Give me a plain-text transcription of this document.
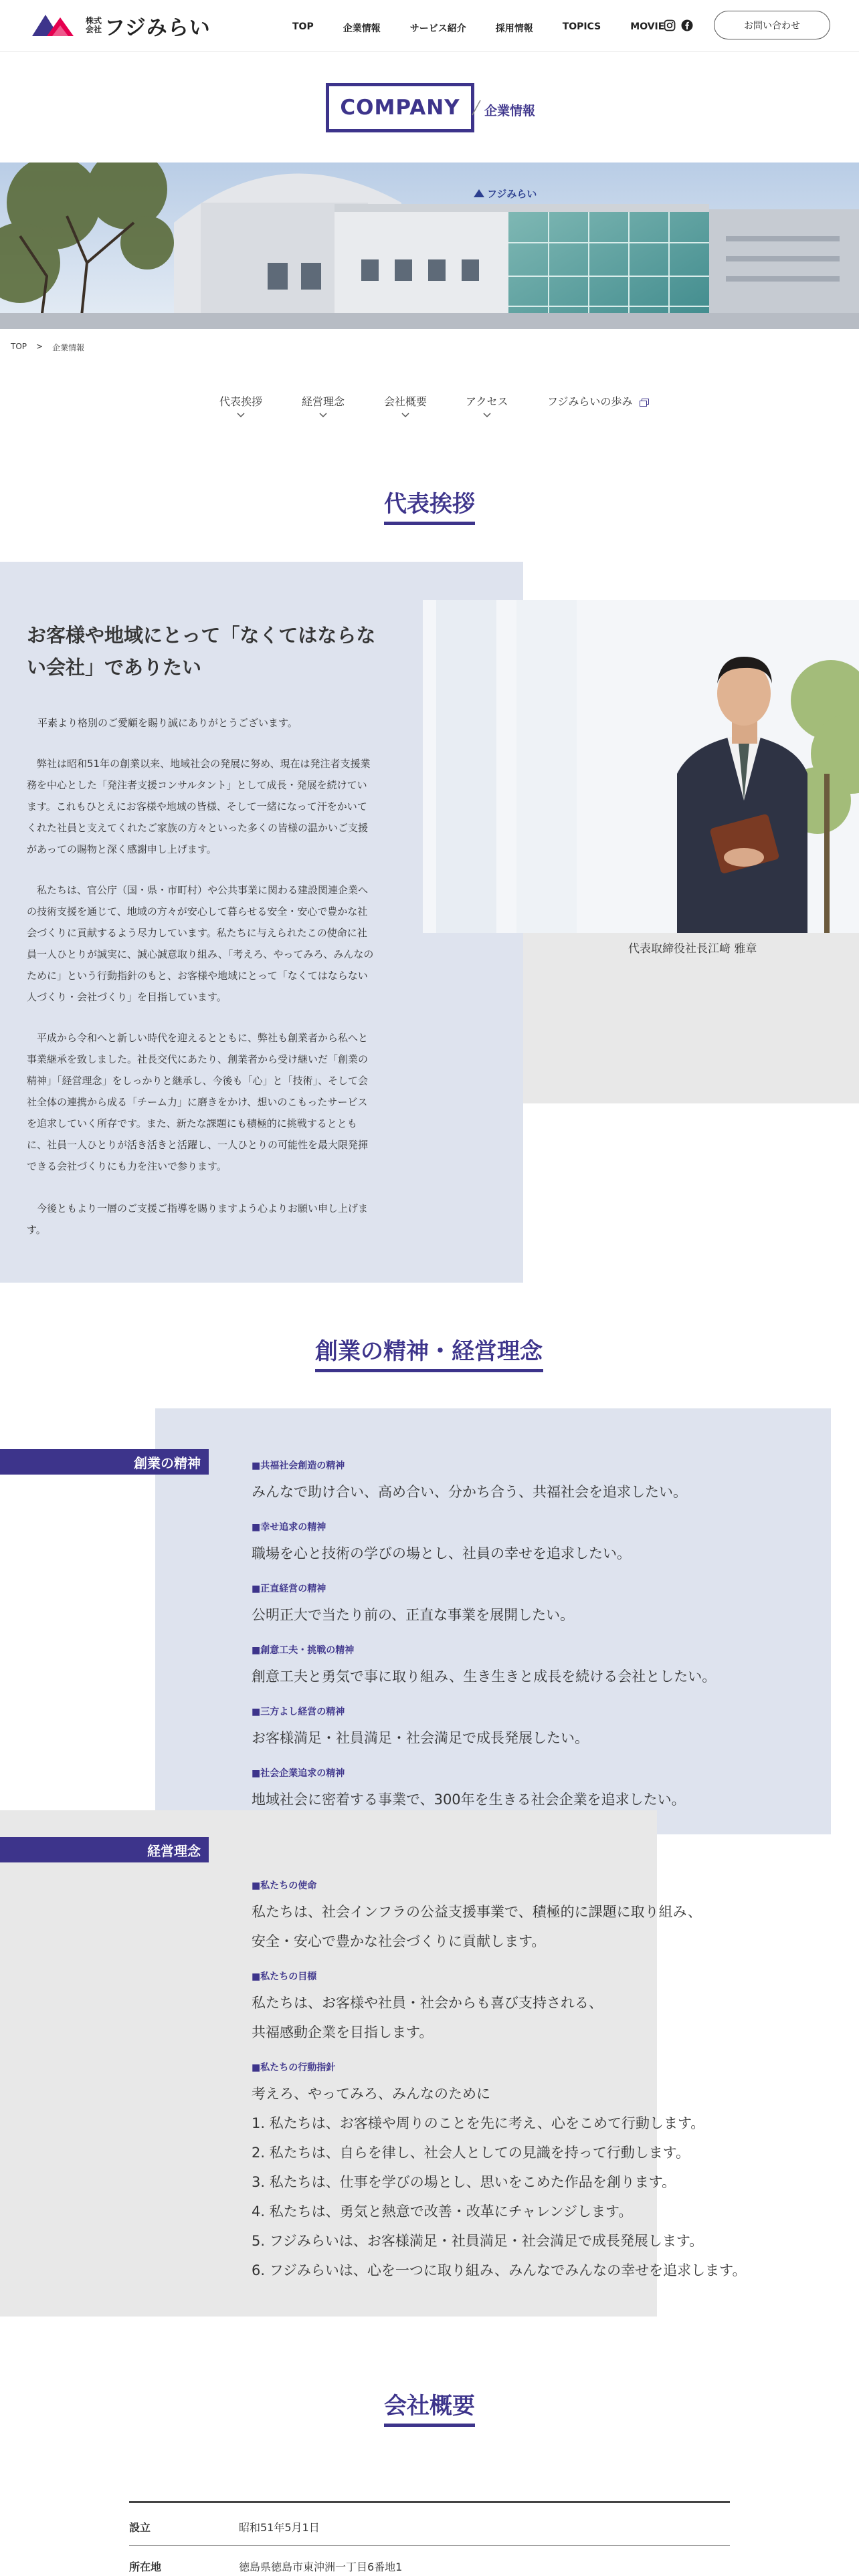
株式
会社 フジみらい	TOP	企業情報	サービス紹介	採用情報	TOPICS	MOVIE	お問い合わせ
COMPANY	企業情報
フジみらい
TOP > 企業情報
代表挨拶	経営理念	会社概要	アクセス	フジみらいの歩み
代表挨拶
お客様や地域にとって「なくてはならない会社」でありたい
平素より格別のご愛顧を賜り誠にありがとうございます。
弊社は昭和51年の創業以来、地域社会の発展に努め、現在は発注者支援業務を中心とした「発注者支援コンサルタント」として成長・発展を続けています。これもひとえにお客様や地域の皆様、そして一緒になって汗をかいてくれた社員と支えてくれたご家族の方々といった多くの皆様の温かいご支援があっての賜物と深く感謝申し上げます。
私たちは、官公庁（国・県・市町村）や公共事業に関わる建設関連企業への技術支援を通じて、地域の方々が安心して暮らせる安全・安心で豊かな社会づくりに貢献するよう尽力しています。私たちに与えられたこの使命に社員一人ひとりが誠実に、誠心誠意取り組み、「考えろ、やってみろ、みんなのために」という行動指針のもと、お客様や地域にとって「なくてはならない人づくり・会社づくり」を目指しています。
平成から令和へと新しい時代を迎えるとともに、弊社も創業者から私へと事業継承を致しました。社長交代にあたり、創業者から受け継いだ「創業の精神」「経営理念」をしっかりと継承し、今後も「心」と「技術」、そして会社全体の連携から成る「チーム力」に磨きをかけ、想いのこもったサービスを追求していく所存です。また、新たな課題にも積極的に挑戦するとともに、社員一人ひとりが活き活きと活躍し、一人ひとりの可能性を最大限発揮できる会社づくりにも力を注いで参ります。
今後ともより一層のご支援ご指導を賜りますよう心よりお願い申し上げます。
代表取締役社長江﨑 雅章
創業の精神・経営理念
創業の精神	■共福社会創造の精神
みんなで助け合い、高め合い、分かち合う、共福社会を追求したい。
■幸せ追求の精神
職場を心と技術の学びの場とし、社員の幸せを追求したい。
■正直経営の精神
公明正大で当たり前の、正直な事業を展開したい。
■創意工夫・挑戦の精神
創意工夫と勇気で事に取り組み、生き生きと成長を続ける会社としたい。
■三方よし経営の精神
お客様満足・社員満足・社会満足で成長発展したい。
■社会企業追求の精神
地域社会に密着する事業で、300年を生きる社会企業を追求したい。
経営理念
■私たちの使命
私たちは、社会インフラの公益支援事業で、積極的に課題に取り組み、
安全・安心で豊かな社会づくりに貢献します。
■私たちの目標
私たちは、お客様や社員・社会からも喜び支持される、
共福感動企業を目指します。
■私たちの行動指針
考えろ、やってみろ、みんなのために
1. 私たちは、お客様や周りのことを先に考え、心をこめて行動します。
2. 私たちは、自らを律し、社会人としての見識を持って行動します。
3. 私たちは、仕事を学びの場とし、思いをこめた作品を創ります。
4. 私たちは、勇気と熱意で改善・改革にチャレンジします。
5. フジみらいは、お客様満足・社員満足・社会満足で成長発展します。
6. フジみらいは、心を一つに取り組み、みんなでみんなの幸せを追求します。
会社概要
設立	昭和51年5月1日
所在地	徳島県徳島市東沖洲一丁目6番地1
